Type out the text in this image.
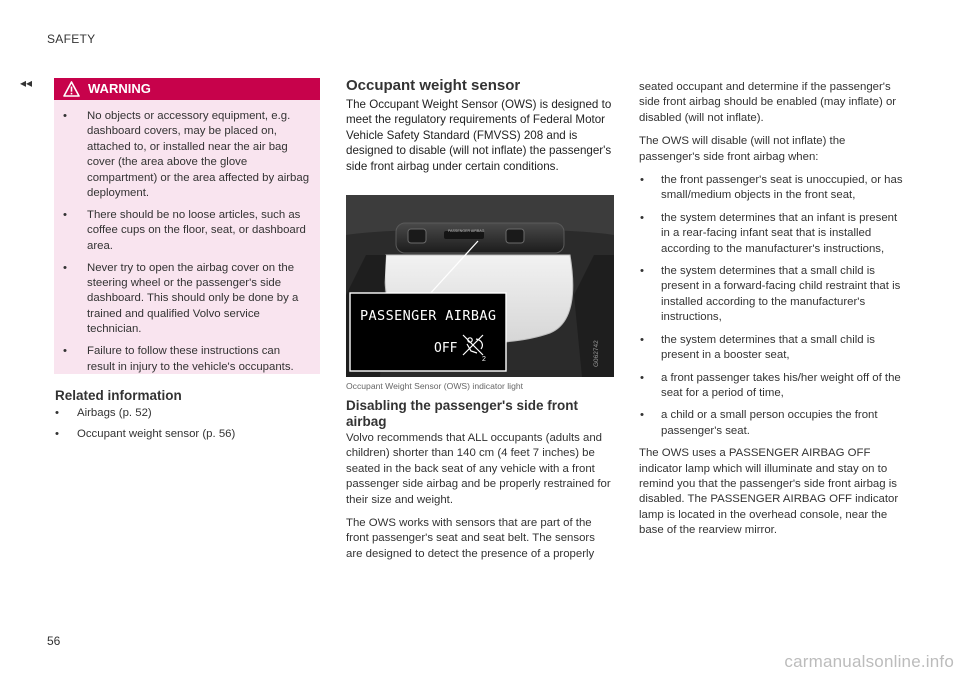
SAFETY
◂◂	WARNING
• No objects or accessory equipment, e.g. dashboard covers, may be placed on, attached to, or installed near the air bag cover (the area above the glove compartment) or the area affected by airbag deployment.
• There should be no loose articles, such as coffee cups on the floor, seat, or dashboard area.
• Never try to open the airbag cover on the steering wheel or the passenger's side dashboard. This should only be done by a trained and qualified Volvo service technician.
• Failure to follow these instructions can result in injury to the vehicle's occupants.
Related information
• Airbags (p. 52)
• Occupant weight sensor (p. 56)
Occupant weight sensor

The Occupant Weight Sensor (OWS) is designed to meet the regulatory requirements of Federal Motor Vehicle Safety Standard (FMVSS) 208 and is designed to disable (will not inflate) the passenger's side front airbag under certain conditions.

G062742
PASSENGER AIRBAG
PASSENGER AIRBAG
OFF
2
Occupant Weight Sensor (OWS) indicator light
Disabling the passenger's side front airbag

Volvo recommends that ALL occupants (adults and children) shorter than 140 cm (4 feet 7 inches) be seated in the back seat of any vehicle with a front passenger side airbag and be properly restrained for their size and weight.

The OWS works with sensors that are part of the front passenger's seat and seat belt. The sensors are designed to detect the presence of a properly

seated occupant and determine if the passenger's side front airbag should be enabled (may inflate) or disabled (will not inflate).

The OWS will disable (will not inflate) the passenger's side front airbag when:

• the front passenger's seat is unoccupied, or has small/medium objects in the front seat,
• the system determines that an infant is present in a rear-facing infant seat that is installed according to the manufacturer's instructions,
• the system determines that a small child is present in a forward-facing child restraint that is installed according to the manufacturer's instructions,
• the system determines that a small child is present in a booster seat,
• a front passenger takes his/her weight off of the seat for a period of time,
• a child or a small person occupies the front passenger's seat.

The OWS uses a PASSENGER AIRBAG OFF indicator lamp which will illuminate and stay on to remind you that the passenger's side front airbag is disabled. The PASSENGER AIRBAG OFF indicator lamp is located in the overhead console, near the base of the rearview mirror.

56
carmanualsonline.info
